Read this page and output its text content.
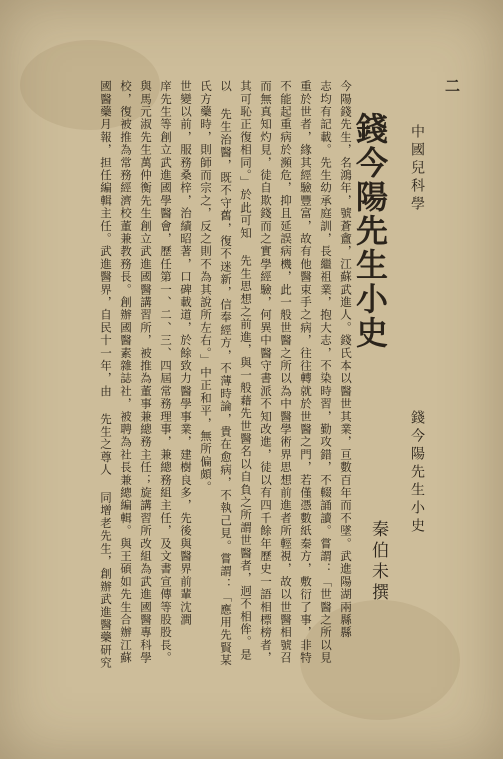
二
中國兒科學
錢今陽先生小史
錢今陽先生小史
秦伯未撰
今陽錢先生，名鴻年，號蒼盦，江蘇武進人。錢氏本以醫世其業，亘數百年而不墜。武進陽湖兩縣縣
志均有記載。先生幼承庭訓，長繼祖業，抱大志，不染時習，勤攻錯，不輟誦讀。嘗謂：「世醫之所以見
重於世者，緣其經驗豐富，故有他醫束手之病，往往轉就於世醫之門，若僅憑數紙秦方，敷衍了事，非特
不能起重病於瀕危，抑且延誤病機，此一般世醫之所以為中醫學術界思想前進者所輕視，故以世醫相號召
而無真知灼見，徒自欺錢而之實學經驗，何異中醫守書派不知改進，徒以有四千餘年歷史一語相標榜者，
其可恥正復相同。」於此可知 先生思想之前進，與一般藉先世醫名以自負之所謂世醫者，迥不相侔。是
以 先生治醫，既不守舊，復不迷新，信奉經方，不薄時論，貴在愈病，不執己見。嘗謂：「應用先賢某
氏方藥時，則師而宗之，反之則不為其說所左右。」中正和平，無所偏頗。
世變以前，服務桑梓，治績昭著，口碑載道，於餘致力醫學事業，建樹良多，先後與醫界前輩沈澗
庠先生等創立武進國學醫會，歷任第一、二、三、四屆常務理事，兼總務組主任，及文書宣傳等股股長。
與馬元淑先生萬仲衡先生創立武進國醫講習所，被推為董事兼總務主任；旋講習所改組為武進國醫專科學
校，復被推為常務經濟校董兼教務長。創辦國醫素雜誌社，被聘為社長兼總編輯。與王碩如先生合辦江蘇
國醫藥月報，担任編輯主任。武進醫界，自民十一年，由 先生之尊人 同增老先生，創辦武進醫藥研究
